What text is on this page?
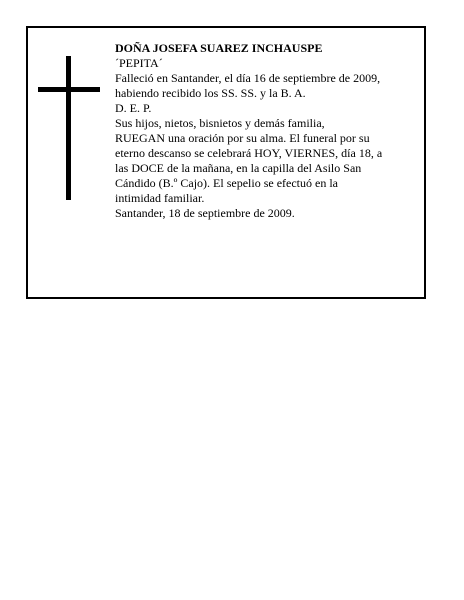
DOÑA JOSEFA SUAREZ INCHAUSPE
´PEPITA´
Falleció en Santander, el día 16 de septiembre de 2009,
habiendo recibido los SS. SS. y la B. A.
D. E. P.
Sus hijos, nietos, bisnietos y demás familia,
RUEGAN una oración por su alma. El funeral por su
eterno descanso se celebrará HOY, VIERNES, día 18, a
las DOCE de la mañana, en la capilla del Asilo San
Cándido (B.º Cajo). El sepelio se efectuó en la
intimidad familiar.
Santander, 18 de septiembre de 2009.
